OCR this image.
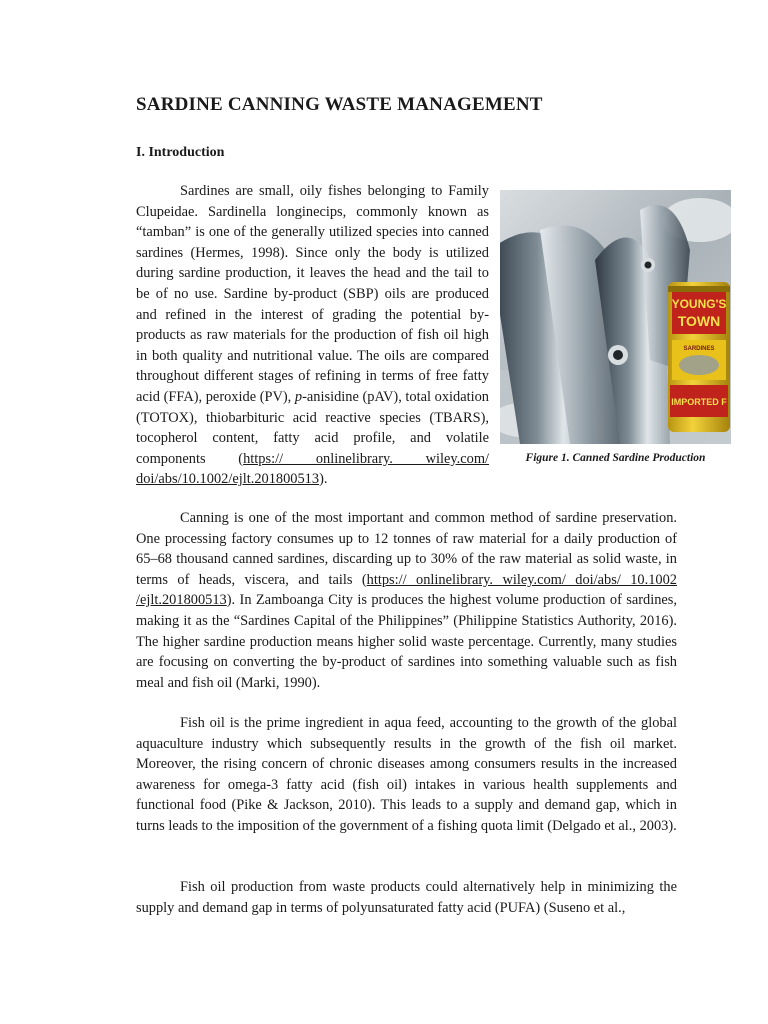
SARDINE CANNING WASTE MANAGEMENT
I. Introduction

Sardines are small, oily fishes belonging to Family Clupeidae. Sardinella longinecips, commonly known as “tamban” is one of the generally utilized species into canned sardines (Hermes, 1998). Since only the body is utilized during sardine production, it leaves the head and the tail to be of no use. Sardine by-product (SBP) oils are produced and refined in the interest of grading the potential by-products as raw materials for the production of fish oil high in both quality and nutritional value. The oils are compared throughout different stages of refining in terms of free fatty acid (FFA), peroxide (PV), p-anisidine (pAV), total oxidation (TOTOX), thiobarbituric acid reactive species (TBARS), tocopherol content, fatty acid profile, and volatile components (https:// onlinelibrary. wiley.com/ doi/abs/10.1002/ejlt.201800513).

YOUNG'S
TOWN
SARDINES
IMPORTED F
Figure 1. Canned Sardine Production

Canning is one of the most important and common method of sardine preservation. One processing factory consumes up to 12 tonnes of raw material for a daily production of 65–68 thousand canned sardines, discarding up to 30% of the raw material as solid waste, in terms of heads, viscera, and tails (https:// onlinelibrary. wiley.com/ doi/abs/ 10.1002 /ejlt.201800513). In Zamboanga City is produces the highest volume production of sardines, making it as the “Sardines Capital of the Philippines” (Philippine Statistics Authority, 2016). The higher sardine production means higher solid waste percentage. Currently, many studies are focusing on converting the by-product of sardines into something valuable such as fish meal and fish oil (Marki, 1990).

Fish oil is the prime ingredient in aqua feed, accounting to the growth of the global aquaculture industry which subsequently results in the growth of the fish oil market. Moreover, the rising concern of chronic diseases among consumers results in the increased awareness for omega-3 fatty acid (fish oil) intakes in various health supplements and functional food (Pike & Jackson, 2010). This leads to a supply and demand gap, which in turns leads to the imposition of the government of a fishing quota limit (Delgado et al., 2003).

Fish oil production from waste products could alternatively help in minimizing the supply and demand gap in terms of polyunsaturated fatty acid (PUFA) (Suseno et al.,
